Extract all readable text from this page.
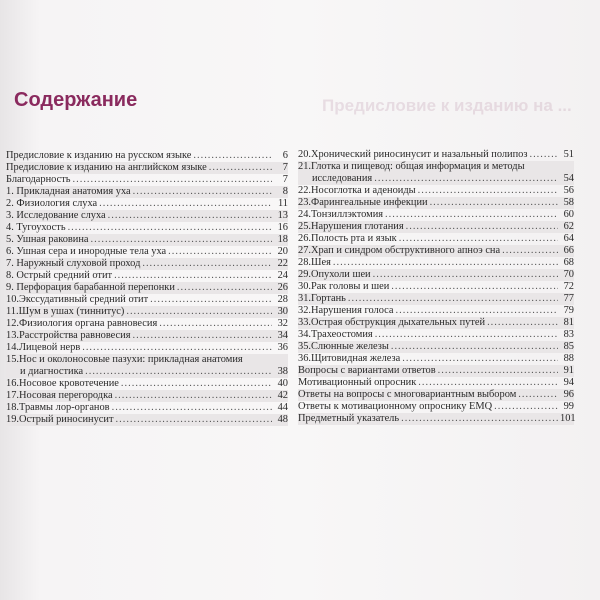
Предисловие к изданию на ...
Содержание
Предисловие к изданию на русском языке .....	6
Предисловие к изданию на английском языке .....	7
Благодарность .....	7
1. Прикладная анатомия уха .....	8
2. Физиология слуха .....	11
3. Исследование слуха .....	13
4. Тугоухость .....	16
5. Ушная раковина .....	18
6. Ушная сера и инородные тела уха .....	20
7. Наружный слуховой проход .....	22
8. Острый средний отит .....	24
9. Перфорация барабанной перепонки .....	26
10.Экссудативный средний отит .....	28
11.Шум в ушах (тиннитус) .....	30
12.Физиология органа равновесия .....	32
13.Расстройства равновесия .....	34
14.Лицевой нерв .....	36
15.Нос и околоносовые пазухи: прикладная анатомия
и диагностика .....	38
16.Носовое кровотечение .....	40
17.Носовая перегородка .....	42
18.Травмы лор-органов .....	44
19.Острый риносинусит .....	48
20.Хронический риносинусит и назальный полипоз .....	51
21.Глотка и пищевод: общая информация и методы
исследования .....	54
22.Носоглотка и аденоиды .....	56
23.Фарингеальные инфекции .....	58
24.Тонзиллэктомия .....	60
25.Нарушения глотания .....	62
26.Полость рта и язык .....	64
27.Храп и синдром обструктивного апноэ сна .....	66
28.Шея .....	68
29.Опухоли шеи .....	70
30.Рак головы и шеи .....	72
31.Гортань .....	77
32.Нарушения голоса .....	79
33.Острая обструкция дыхательных путей .....	81
34.Трахеостомия .....	83
35.Слюнные железы .....	85
36.Щитовидная железа .....	88
Вопросы с вариантами ответов .....	91
Мотивационный опросник .....	94
Ответы на вопросы с многовариантным выбором .....	96
Ответы к мотивационному опроснику EMQ .....	99
Предметный указатель .....	101
